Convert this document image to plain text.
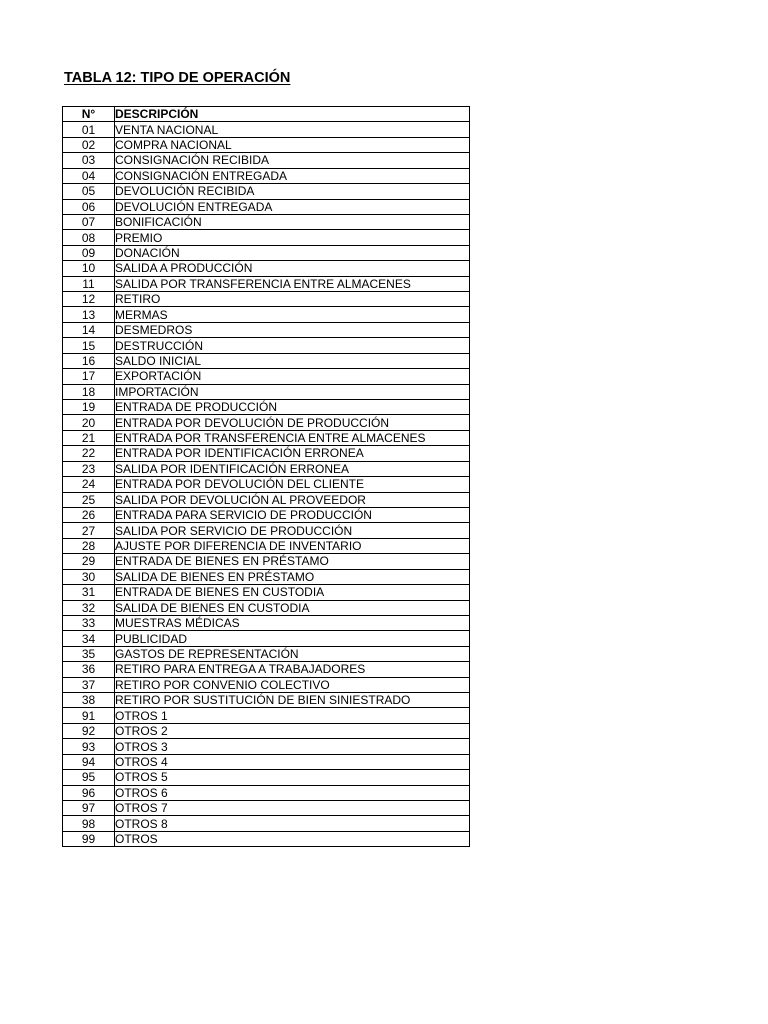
TABLA 12: TIPO DE OPERACIÓN
N°	DESCRIPCIÓN
01	VENTA NACIONAL
02	COMPRA NACIONAL
03	CONSIGNACIÓN RECIBIDA
04	CONSIGNACIÓN ENTREGADA
05	DEVOLUCIÓN RECIBIDA
06	DEVOLUCIÓN ENTREGADA
07	BONIFICACIÓN
08	PREMIO
09	DONACIÓN
10	SALIDA A PRODUCCIÓN
11	SALIDA POR TRANSFERENCIA ENTRE ALMACENES
12	RETIRO
13	MERMAS
14	DESMEDROS
15	DESTRUCCIÓN
16	SALDO INICIAL
17	EXPORTACIÓN
18	IMPORTACIÓN
19	ENTRADA DE PRODUCCIÓN
20	ENTRADA POR DEVOLUCIÓN DE PRODUCCIÓN
21	ENTRADA POR TRANSFERENCIA ENTRE ALMACENES
22	ENTRADA POR IDENTIFICACIÓN ERRONEA
23	SALIDA POR IDENTIFICACIÓN ERRONEA
24	ENTRADA POR DEVOLUCIÓN DEL CLIENTE
25	SALIDA POR DEVOLUCIÓN AL PROVEEDOR
26	ENTRADA PARA SERVICIO DE PRODUCCIÓN
27	SALIDA POR SERVICIO DE PRODUCCIÓN
28	AJUSTE POR DIFERENCIA DE INVENTARIO
29	ENTRADA DE BIENES EN PRÉSTAMO
30	SALIDA DE BIENES EN PRÉSTAMO
31	ENTRADA DE BIENES EN CUSTODIA
32	SALIDA DE BIENES EN CUSTODIA
33	MUESTRAS MÉDICAS
34	PUBLICIDAD
35	GASTOS DE REPRESENTACIÓN
36	RETIRO PARA ENTREGA A TRABAJADORES
37	RETIRO POR CONVENIO COLECTIVO
38	RETIRO POR SUSTITUCIÓN DE BIEN SINIESTRADO
91	OTROS 1
92	OTROS 2
93	OTROS 3
94	OTROS 4
95	OTROS 5
96	OTROS 6
97	OTROS 7
98	OTROS 8
99	OTROS
